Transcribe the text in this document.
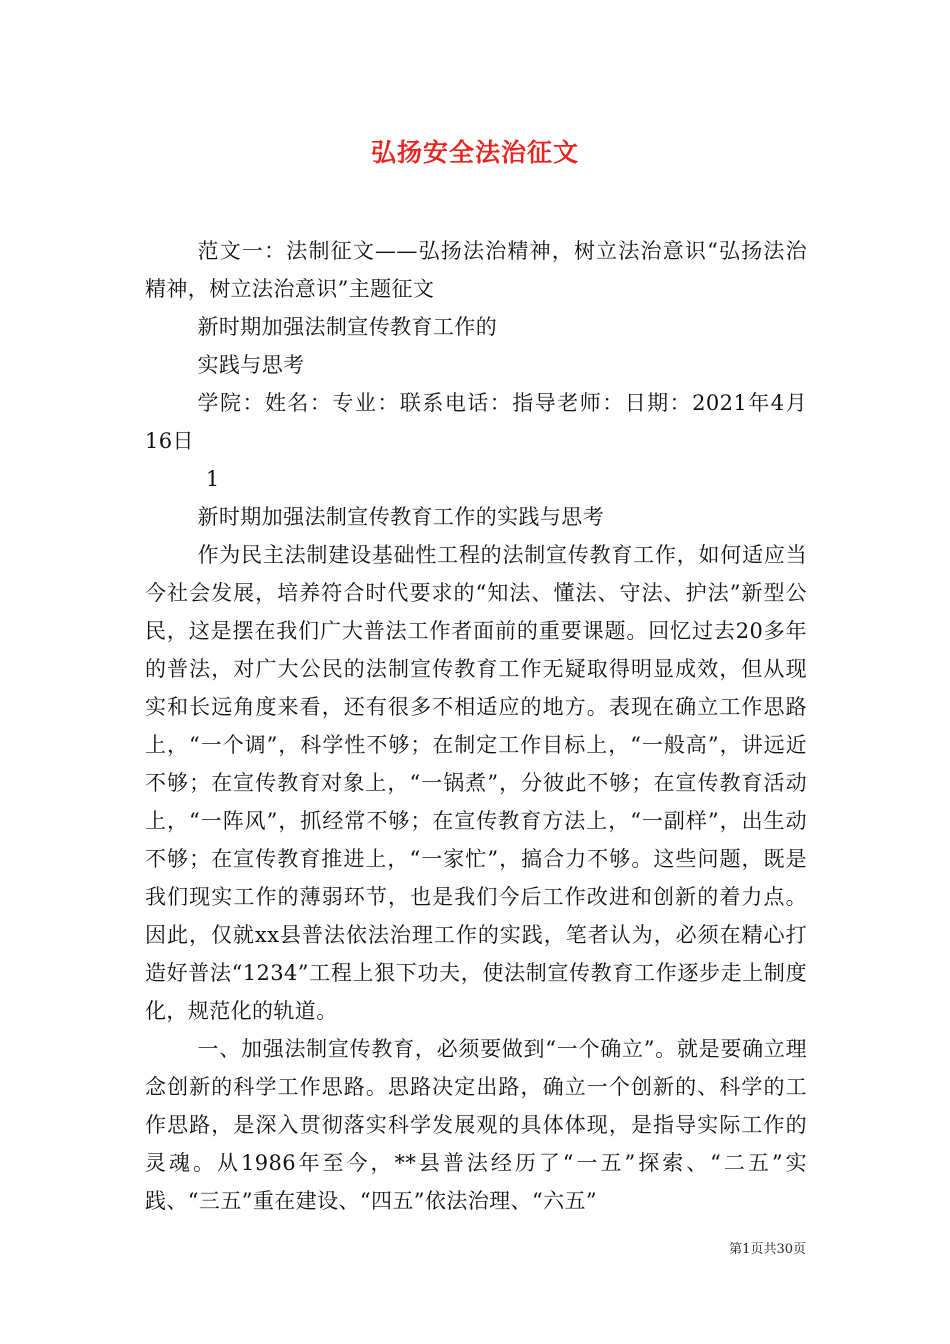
弘扬安全法治征文

范文一：法制征文——弘扬法治精神，树立法治意识“弘扬法治精神，树立法治意识”主题征文

新时期加强法制宣传教育工作的

实践与思考

学院：姓名：专业：联系电话：指导老师：日期：2021年4月16日

1

新时期加强法制宣传教育工作的实践与思考

作为民主法制建设基础性工程的法制宣传教育工作，如何适应当今社会发展，培养符合时代要求的“知法、懂法、守法、护法”新型公民，这是摆在我们广大普法工作者面前的重要课题。回忆过去20多年的普法，对广大公民的法制宣传教育工作无疑取得明显成效，但从现实和长远角度来看，还有很多不相适应的地方。表现在确立工作思路上，“一个调”，科学性不够；在制定工作目标上，“一般高”，讲远近不够；在宣传教育对象上，“一锅煮”，分彼此不够；在宣传教育活动上，“一阵风”，抓经常不够；在宣传教育方法上，“一副样”，出生动不够；在宣传教育推进上，“一家忙”，搞合力不够。这些问题，既是我们现实工作的薄弱环节，也是我们今后工作改进和创新的着力点。因此，仅就xx县普法依法治理工作的实践，笔者认为，必须在精心打造好普法“1234”工程上狠下功夫，使法制宣传教育工作逐步走上制度化，规范化的轨道。

一、加强法制宣传教育，必须要做到“一个确立”。就是要确立理念创新的科学工作思路。思路决定出路，确立一个创新的、科学的工作思路，是深入贯彻落实科学发展观的具体体现，是指导实际工作的灵魂。从1986年至今，**县普法经历了“一五”探索、“二五”实践、“三五”重在建设、“四五”依法治理、“六五”

第1页共30页
